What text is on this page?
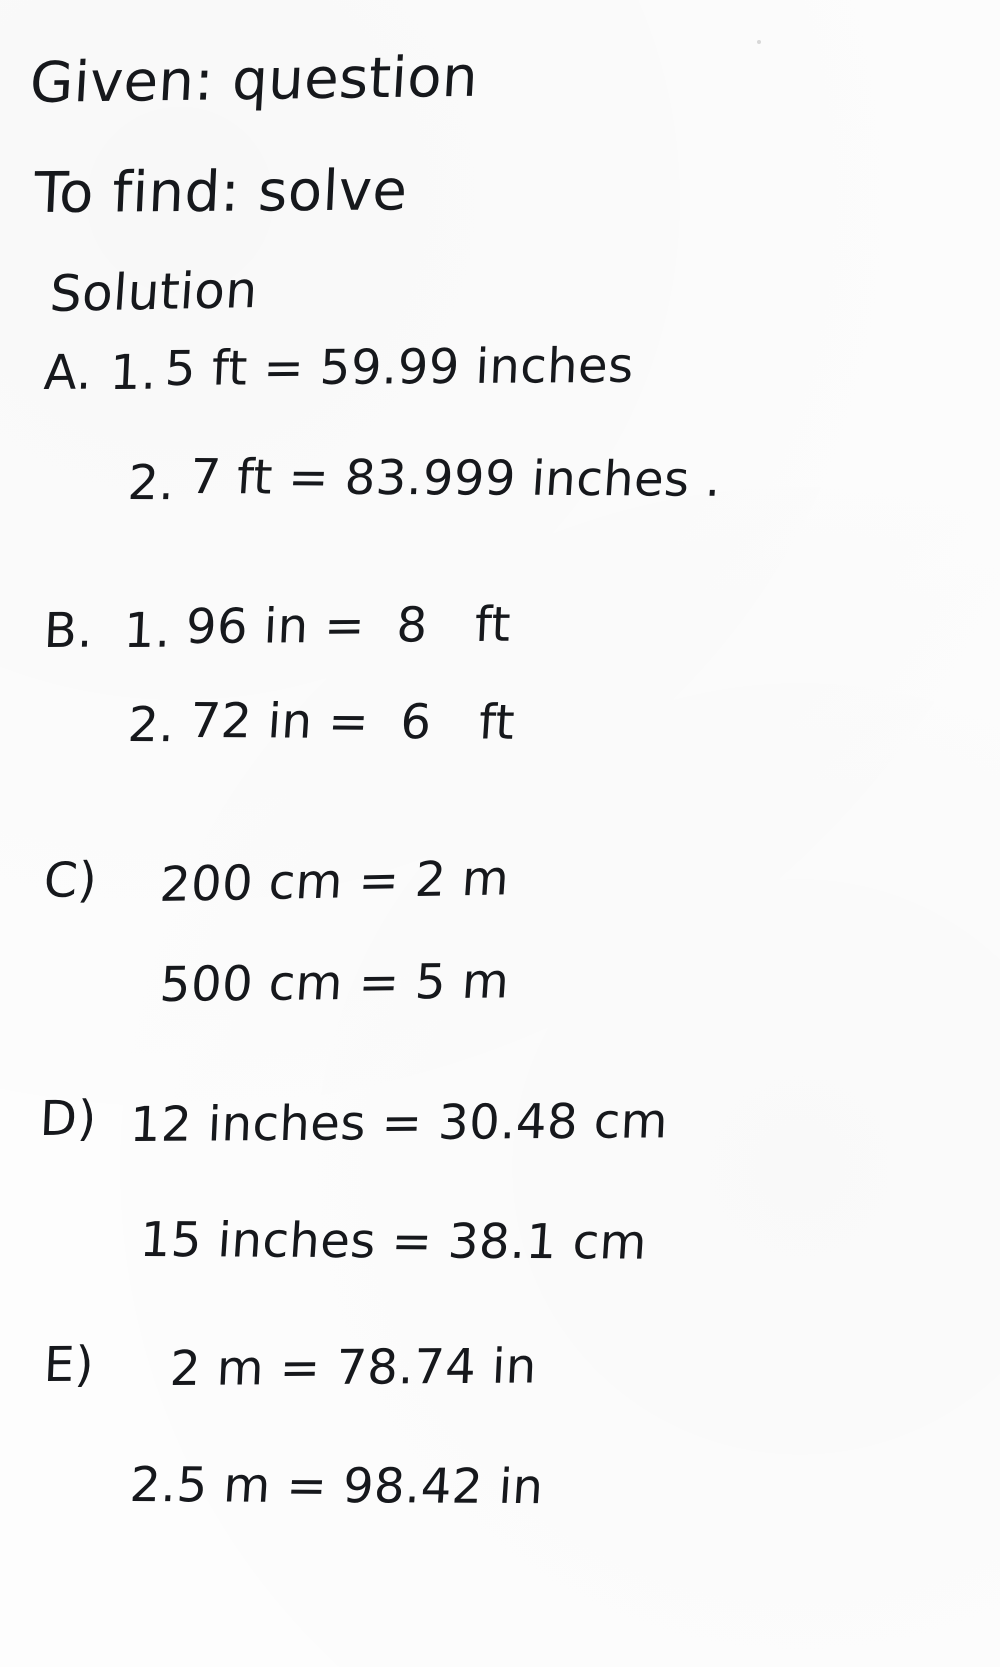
Given: question
To find: solve
Solution
A. 1. 5 ft = 59.99 inches
2. 7 ft = 83.999 inches .
B. 1. 96 in =  8   ft
2. 72 in =  6   ft
C) 200 cm = 2 m
500 cm = 5 m
D) 12 inches = 30.48 cm
15 inches = 38.1 cm
E) 2 m = 78.74 in
2.5 m = 98.42 in
